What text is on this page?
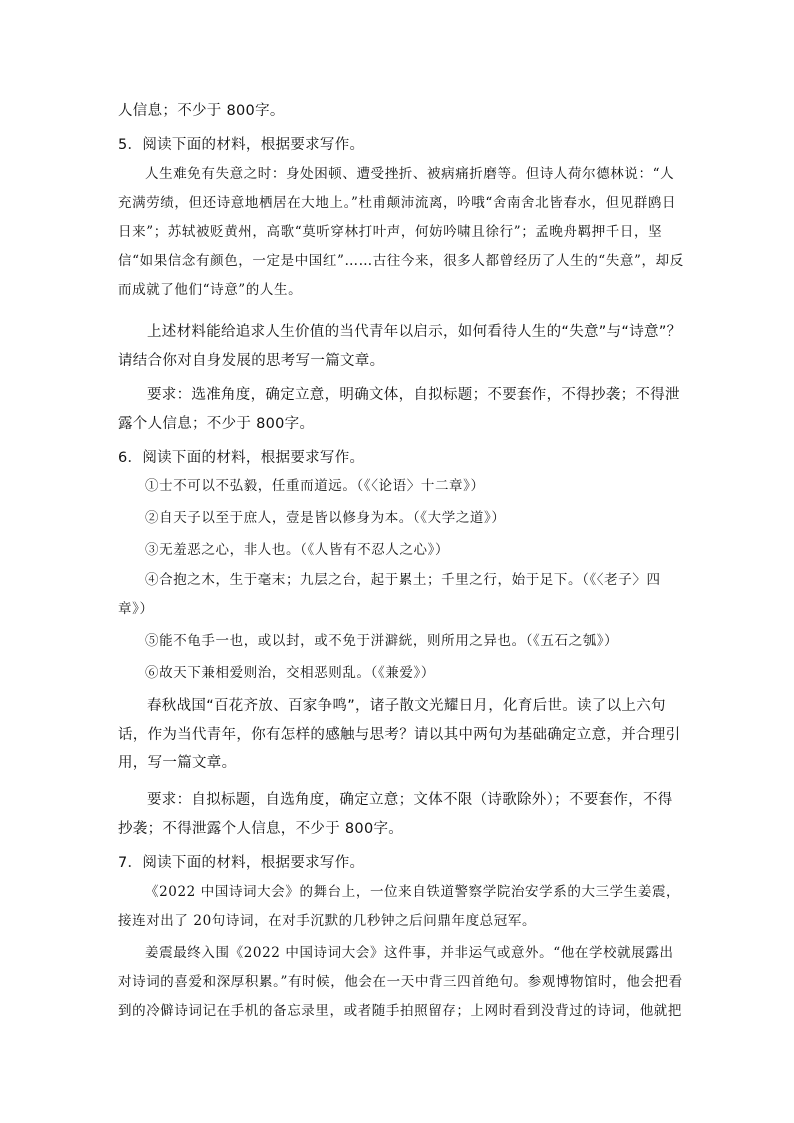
人信息；不少于 800字。

5．阅读下面的材料，根据要求写作。

人生难免有失意之时：身处困顿、遭受挫折、被病痛折磨等。但诗人荷尔德林说：“人充满劳绩，但还诗意地栖居在大地上。”杜甫颠沛流离，吟哦“舍南舍北皆春水，但见群鸥日日来”；苏轼被贬黄州，高歌“莫听穿林打叶声，何妨吟啸且徐行”；孟晚舟羁押千日，坚信“如果信念有颜色，一定是中国红”……古往今来，很多人都曾经历了人生的“失意”，却反而成就了他们“诗意”的人生。

上述材料能给追求人生价值的当代青年以启示，如何看待人生的“失意”与“诗意”？请结合你对自身发展的思考写一篇文章。

要求：选准角度，确定立意，明确文体，自拟标题；不要套作，不得抄袭；不得泄露个人信息；不少于 800字。

6．阅读下面的材料，根据要求写作。

①士不可以不弘毅，任重而道远。（《〈论语〉十二章》）

②自天子以至于庶人，壹是皆以修身为本。（《大学之道》）

③无羞恶之心，非人也。（《人皆有不忍人之心》）

④合抱之木，生于毫末；九层之台，起于累土；千里之行，始于足下。（《〈老子〉四章》）

⑤能不龟手一也，或以封，或不免于洴澼絖，则所用之异也。（《五石之瓠》）

⑥故天下兼相爱则治，交相恶则乱。（《兼爱》）

春秋战国“百花齐放、百家争鸣”，诸子散文光耀日月，化育后世。读了以上六句话，作为当代青年，你有怎样的感触与思考？请以其中两句为基础确定立意，并合理引用，写一篇文章。

要求：自拟标题，自选角度，确定立意；文体不限（诗歌除外）；不要套作，不得抄袭；不得泄露个人信息，不少于 800字。

7．阅读下面的材料，根据要求写作。

《2022 中国诗词大会》的舞台上，一位来自铁道警察学院治安学系的大三学生姜震，接连对出了 20句诗词，在对手沉默的几秒钟之后问鼎年度总冠军。

姜震最终入围《2022 中国诗词大会》这件事，并非运气或意外。“他在学校就展露出对诗词的喜爱和深厚积累。”有时候，他会在一天中背三四首绝句。参观博物馆时，他会把看到的冷僻诗词记在手机的备忘录里，或者随手拍照留存；上网时看到没背过的诗词，他就把
